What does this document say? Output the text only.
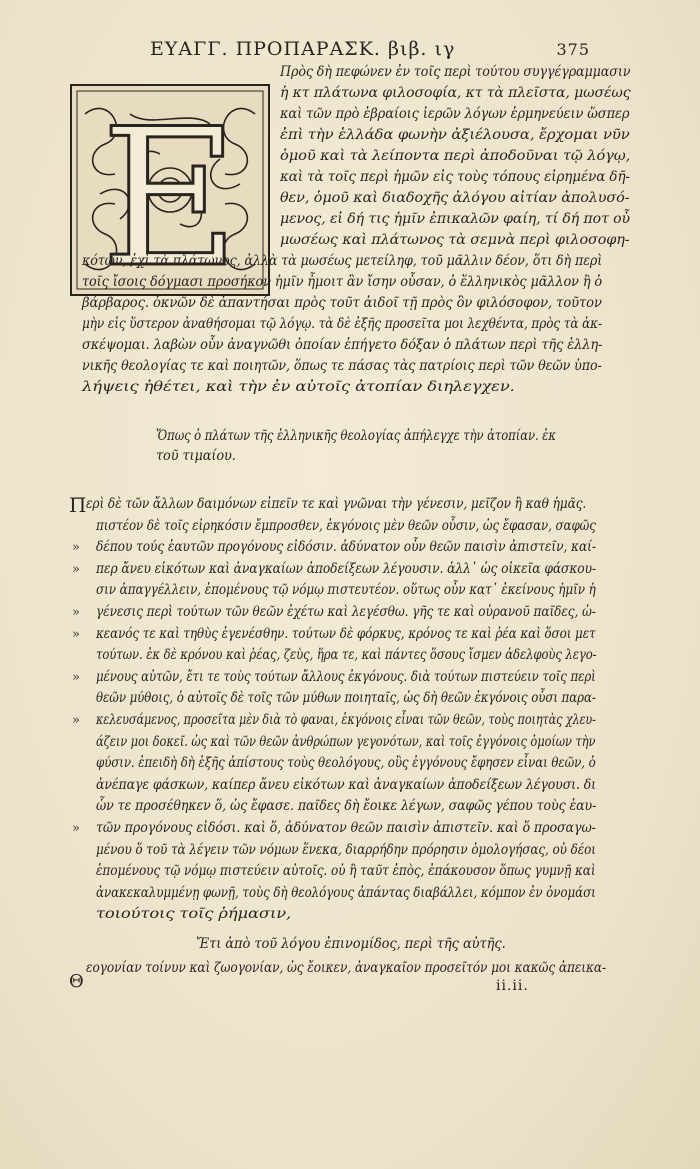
ΕΥΑΓΓ. ΠΡΟΠΑΡΑΣΚ. βιβ. ιγ	375
E
Πρὸς δὴ πεφώνεν ἐν τοῖς περὶ τούτου συγγέγραμμασιν
ἡ κτ πλάτωνα φιλοσοφία, κτ τὰ πλεῖστα, μωσέως
καὶ τῶν πρὸ ἑβραίοις ἱερῶν λόγων ἑρμηνεύειν ὥσπερ
ἐπὶ τὴν ἑλλάδα φωνὴν ἀξιέλουσα, ἔρχομαι νῦν
ὁμοῦ καὶ τὰ λείποντα περὶ ἀποδοῦναι τῷ λόγῳ,
καὶ τὰ τοῖς περὶ ἡμῶν εἰς τοὺς τόπους εἰρημένα δῆ-
θεν, ὁμοῦ καὶ διαδοχῆς ἀλόγου αἰτίαν ἀπολυσό-
μενος, εἰ δή τις ἡμῖν ἐπικαλῶν φαίη, τί δή ποτ οὖ
μωσέως καὶ πλάτωνος τὰ σεμνὰ περὶ φιλοσοφη-
κότων, ἐχὶ τὰ πλάτωνος, ἀλλὰ τὰ μωσέως μετείληφ, τοῦ μᾶλλιν δέον, ὅτι δὴ περὶ
τοῖς ἴσοις δόγμασι προσήκον ἡμῖν ἦμοιτ ἂν ἴσην οὖσαν, ὁ ἕλληνικὸς μᾶλλον ἢ ὁ
βάρβαρος. ὀκνῶν δὲ ἀπαντήσαι πρὸς τοῦτ ἀιδοῖ τῇ πρὸς ὃν φιλόσοφον, τοῦτον
μὴν εἰς ὕστερον ἀναθήσομαι τῷ λόγῳ. τὰ δὲ ἑξῆς προσεῖτα μοι λεχθέντα, πρὸς τὰ ἀκ-
σκέψομαι. λαβὼν οὖν ἀναγνῶθι ὁποίαν ἐπήγετο δόξαν ὁ πλάτων περὶ τῆς ἑλλη-
νικῆς θεολογίας τε καὶ ποιητῶν, ὅπως τε πάσας τὰς πατρίοις περὶ τῶν θεῶν ὑπο-
λήψεις ἠθέτει, καὶ τὴν ἐν αὐτοῖς ἀτοπίαν διηλεγχεν.
Ὅπως ὁ πλάτων τῆς ἑλληνικῆς θεολογίας ἀπήλεγχε τὴν ἀτοπίαν. ἐκ
τοῦ τιμαίου.
Π ερὶ δὲ τῶν ἄλλων δαιμόνων εἰπεῖν τε καὶ γνῶναι τὴν γένεσιν, μεῖζον ἢ καθ ἡμᾶς.
πιστέον δὲ τοῖς εἰρηκόσιν ἔμπροσθεν, ἐκγόνοις μὲν θεῶν οὖσιν, ὡς ἔφασαν, σαφῶς
δέπου τούς ἑαυτῶν προγόνους εἰδόσιν. ἀδύνατον οὖν θεῶν παισὶν ἀπιστεῖν, καί-
περ ἄνευ εἰκότων καὶ ἀναγκαίων ἀποδείξεων λέγουσιν. ἀλλ᾽ ὡς οἰκεῖα φάσκου-
σιν ἀπαγγέλλειν, ἑπομένους τῷ νόμῳ πιστευτέον. οὕτως οὖν κατ᾽ ἐκείνους ἡμῖν ἡ
γένεσις περὶ τούτων τῶν θεῶν ἐχέτω καὶ λεγέσθω. γῆς τε καὶ οὐρανοῦ παῖδες, ὠ-
κεανός τε καὶ τηθὺς ἐγενέσθην. τούτων δὲ φόρκυς, κρόνος τε καὶ ῥέα καὶ ὅσοι μετ
τούτων. ἐκ δὲ κρόνου καὶ ῥέας, ζεὺς, ἥρα τε, καὶ πάντες ὅσους ἴσμεν ἀδελφοὺς λεγο-
μένους αὐτῶν, ἔτι τε τοὺς τούτων ἄλλους ἐκγόνους. διὰ τούτων πιστεύειν τοῖς περὶ
θεῶν μύθοις, ὁ αὐτοῖς δὲ τοῖς τῶν μύθων ποιηταῖς, ὡς δὴ θεῶν ἐκγόνοις οὖσι παρα-
κελευσάμενος, προσεῖτα μὲν διὰ τὸ φαναι, ἐκγόνοις εἶναι τῶν θεῶν, τοὺς ποιητὰς χλευ-
άζειν μοι δοκεῖ. ὡς καὶ τῶν θεῶν ἀνθρώπων γεγονότων, καὶ τοῖς ἐγγόνοις ὁμοίων τὴν
φύσιν. ἐπειδὴ δὴ ἑξῆς ἀπίστους τοὺς θεολόγους, οὓς ἐγγόνους ἔφησεν εἶναι θεῶν, ὁ
ἀνέπαγε φάσκων, καίπερ ἄνευ εἰκότων καὶ ἀναγκαίων ἀποδείξεων λέγουσι. δι
ὧν τε προσέθηκεν ὅ, ὡς ἔφασε. παῖδες δὴ ἔοικε λέγων, σαφῶς γέπου τοὺς ἑαυ-
τῶν προγόνους εἰδόσι. καὶ ὅ, ἀδύνατον θεῶν παισὶν ἀπιστεῖν. καὶ ὅ προσαγω-
μένου ὅ τοῦ τὰ λέγειν τῶν νόμων ἕνεκα, διαρρήδην πρόρησιν ὁμολογήσας, οὐ δέοι
ἑπομένους τῷ νόμῳ πιστεύειν αὐτοῖς. οὐ ἢ ταῦτ ἐπὸς, ἐπάκουσον ὅπως γυμνῇ καὶ
ἀνακεκαλυμμένῃ φωνῇ, τοὺς δὴ θεολόγους ἀπάντας διαβάλλει, κόμπον ἐν ὀνομάσι
τοιούτοις τοῖς ῥήμασιν,
»
»
»
»
»
»
»
Ἔτι ἀπὸ τοῦ λόγου ἐπινομίδος, περὶ τῆς αὐτῆς.
Θ
εογονίαν τοίνυν καὶ ζωογονίαν, ὡς ἔοικεν, ἀναγκαῖον προσεῖτόν μοι κακῶς ἀπεικα-
ii.ii.
